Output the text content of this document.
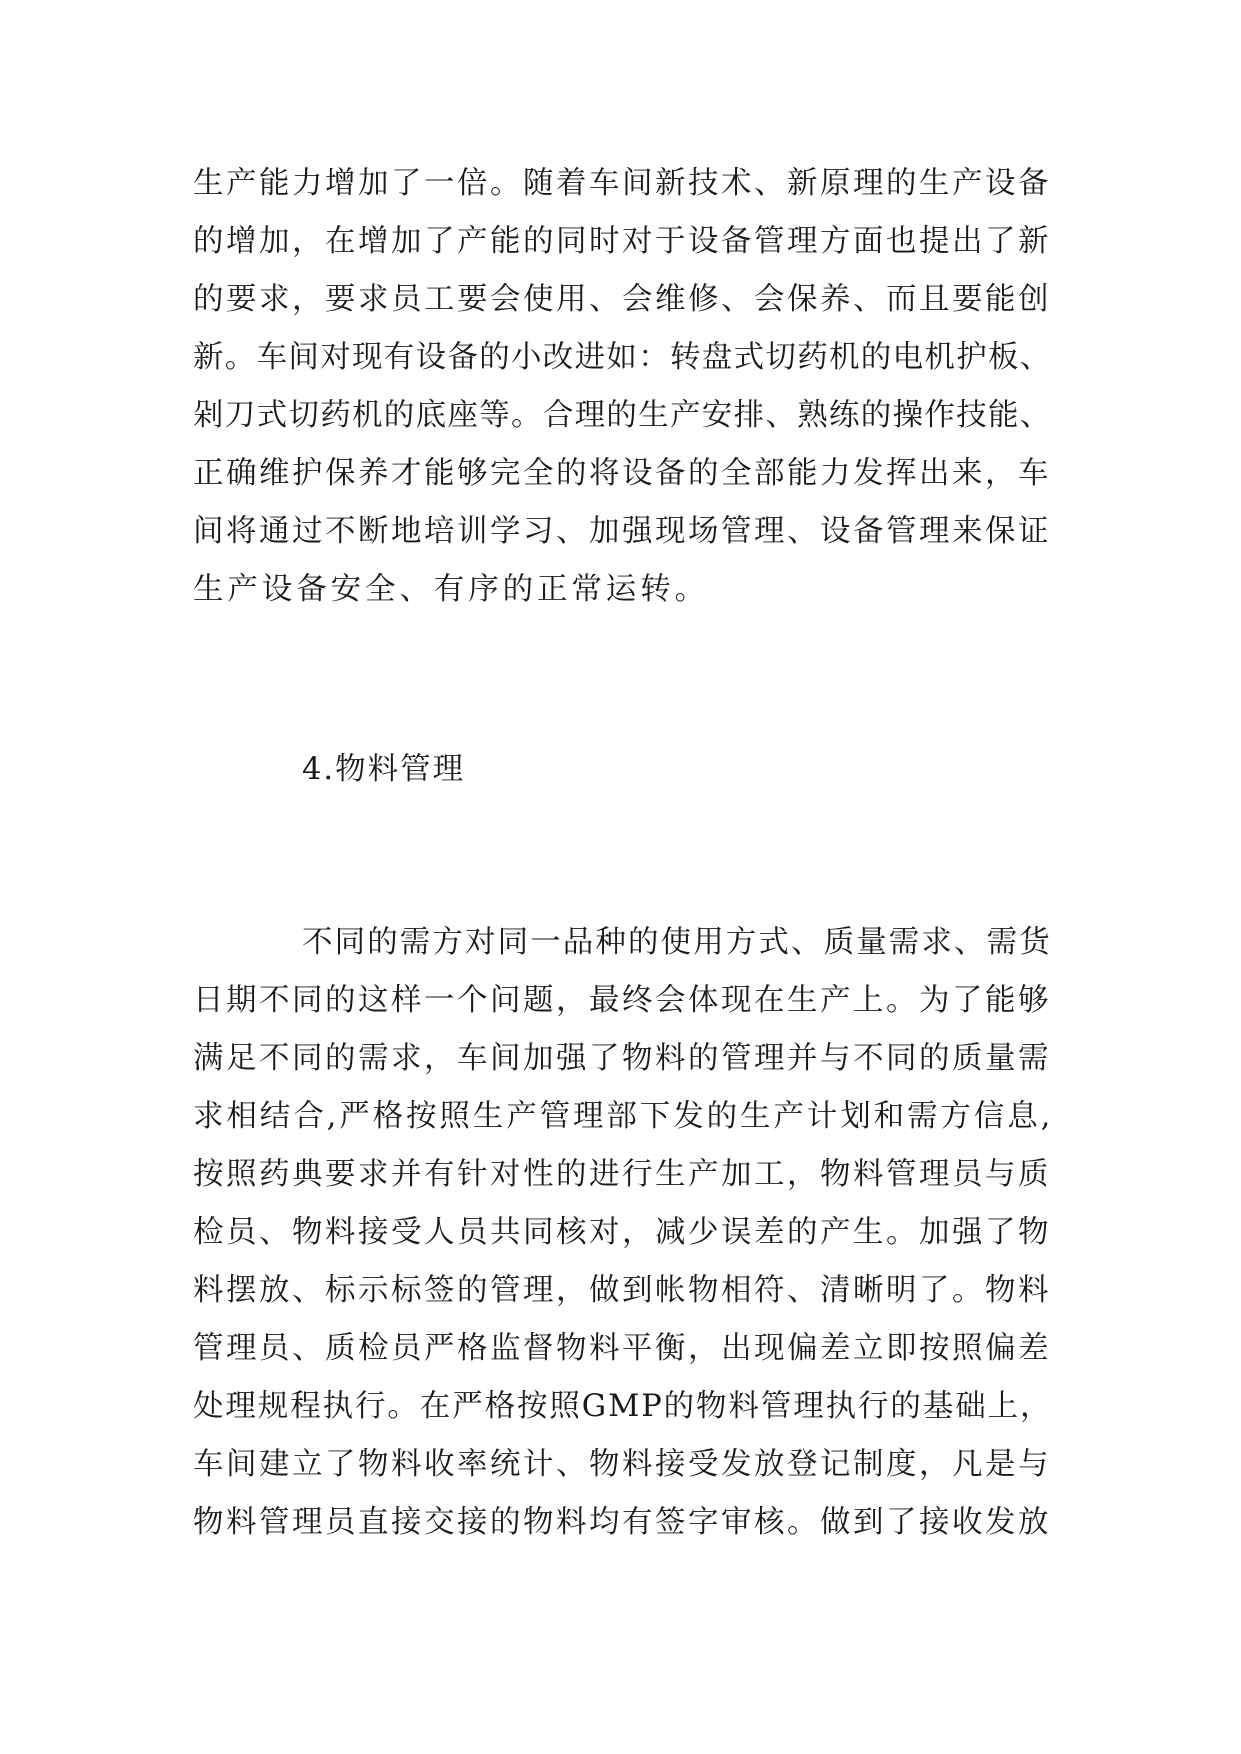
生产能力增加了一倍。随着车间新技术、新原理的生产设备

的增加，在增加了产能的同时对于设备管理方面也提出了新

的要求，要求员工要会使用、会维修、会保养、而且要能创

新。车间对现有设备的小改进如：转盘式切药机的电机护板、

剁刀式切药机的底座等。合理的生产安排、熟练的操作技能、

正确维护保养才能够完全的将设备的全部能力发挥出来，车

间将通过不断地培训学习、加强现场管理、设备管理来保证

生产设备安全、有序的正常运转。

4.物料管理

不同的需方对同一品种的使用方式、质量需求、需货

日期不同的这样一个问题，最终会体现在生产上。为了能够

满足不同的需求，车间加强了物料的管理并与不同的质量需

求相结合,严格按照生产管理部下发的生产计划和需方信息,

按照药典要求并有针对性的进行生产加工，物料管理员与质

检员、物料接受人员共同核对，减少误差的产生。加强了物

料摆放、标示标签的管理，做到帐物相符、清晰明了。物料

管理员、质检员严格监督物料平衡，出现偏差立即按照偏差

处理规程执行。在严格按照GMP的物料管理执行的基础上，

车间建立了物料收率统计、物料接受发放登记制度，凡是与

物料管理员直接交接的物料均有签字审核。做到了接收发放
